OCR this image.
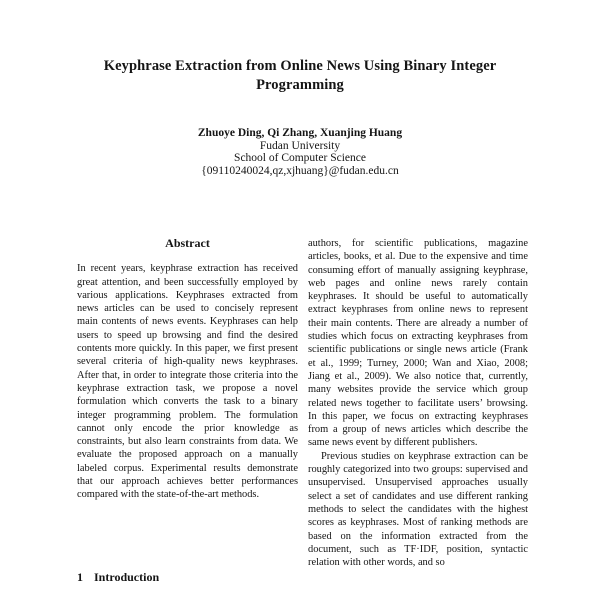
Keyphrase Extraction from Online News Using Binary Integer Programming
Zhuoye Ding, Qi Zhang, Xuanjing Huang
Fudan University
School of Computer Science
{09110240024,qz,xjhuang}@fudan.edu.cn
Abstract

In recent years, keyphrase extraction has received great attention, and been successfully employed by various applications. Keyphrases extracted from news articles can be used to concisely represent main contents of news events. Keyphrases can help users to speed up browsing and find the desired contents more quickly. In this paper, we first present several criteria of high-quality news keyphrases. After that, in order to integrate those criteria into the keyphrase extraction task, we propose a novel formulation which converts the task to a binary integer programming problem. The formulation cannot only encode the prior knowledge as constraints, but also learn constraints from data. We evaluate the proposed approach on a manually labeled corpus. Experimental results demonstrate that our approach achieves better performances compared with the state-of-the-art methods.

1 Introduction

authors, for scientific publications, magazine articles, books, et al. Due to the expensive and time consuming effort of manually assigning keyphrase, web pages and online news rarely contain keyphrases. It should be useful to automatically extract keyphrases from online news to represent their main contents. There are already a number of studies which focus on extracting keyphrases from scientific publications or single news article (Frank et al., 1999; Turney, 2000; Wan and Xiao, 2008; Jiang et al., 2009). We also notice that, currently, many websites provide the service which group related news together to facilitate users’ browsing. In this paper, we focus on extracting keyphrases from a group of news articles which describe the same news event by different publishers.

Previous studies on keyphrase extraction can be roughly categorized into two groups: supervised and unsupervised. Unsupervised approaches usually select a set of candidates and use different ranking methods to select the candidates with the highest scores as keyphrases. Most of ranking methods are based on the information extracted from the document, such as TF·IDF, position, syntactic relation with other words, and so
